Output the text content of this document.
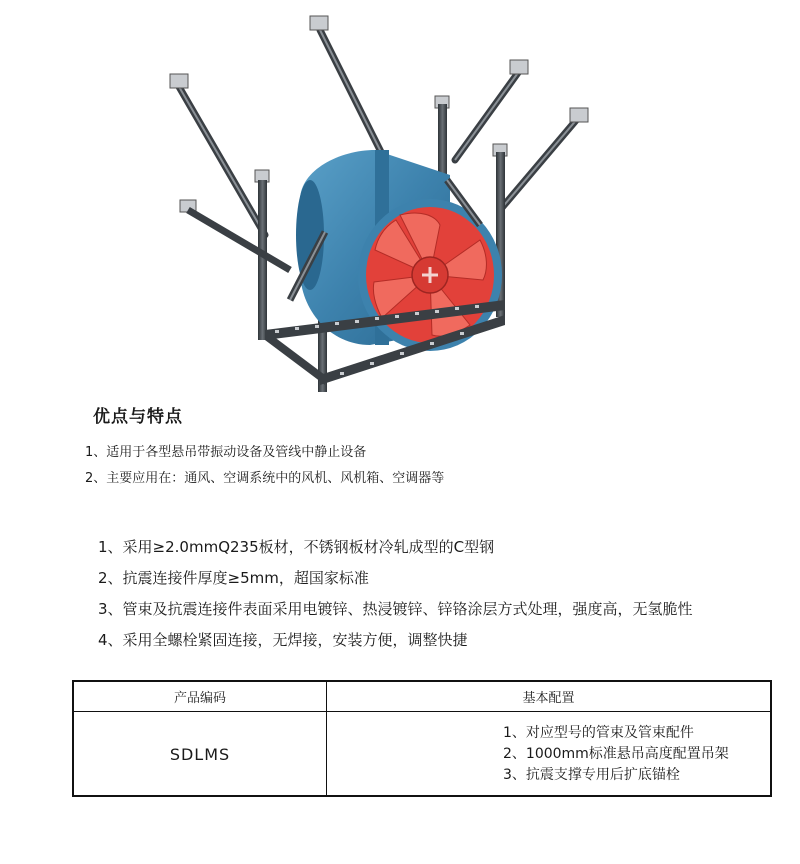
优点与特点
1、适用于各型悬吊带振动设备及管线中静止设备
2、主要应用在：通风、空调系统中的风机、风机箱、空调器等
1、采用≥2.0mmQ235板材，不锈钢板材冷轧成型的C型钢
2、抗震连接件厚度≥5mm，超国家标准
3、管束及抗震连接件表面采用电镀锌、热浸镀锌、锌铬涂层方式处理，强度高，无氢脆性
4、采用全螺栓紧固连接，无焊接，安装方便，调整快捷
产品编码	基本配置
SDLMS
1、对应型号的管束及管束配件
2、1000mm标准悬吊高度配置吊架
3、抗震支撑专用后扩底锚栓
